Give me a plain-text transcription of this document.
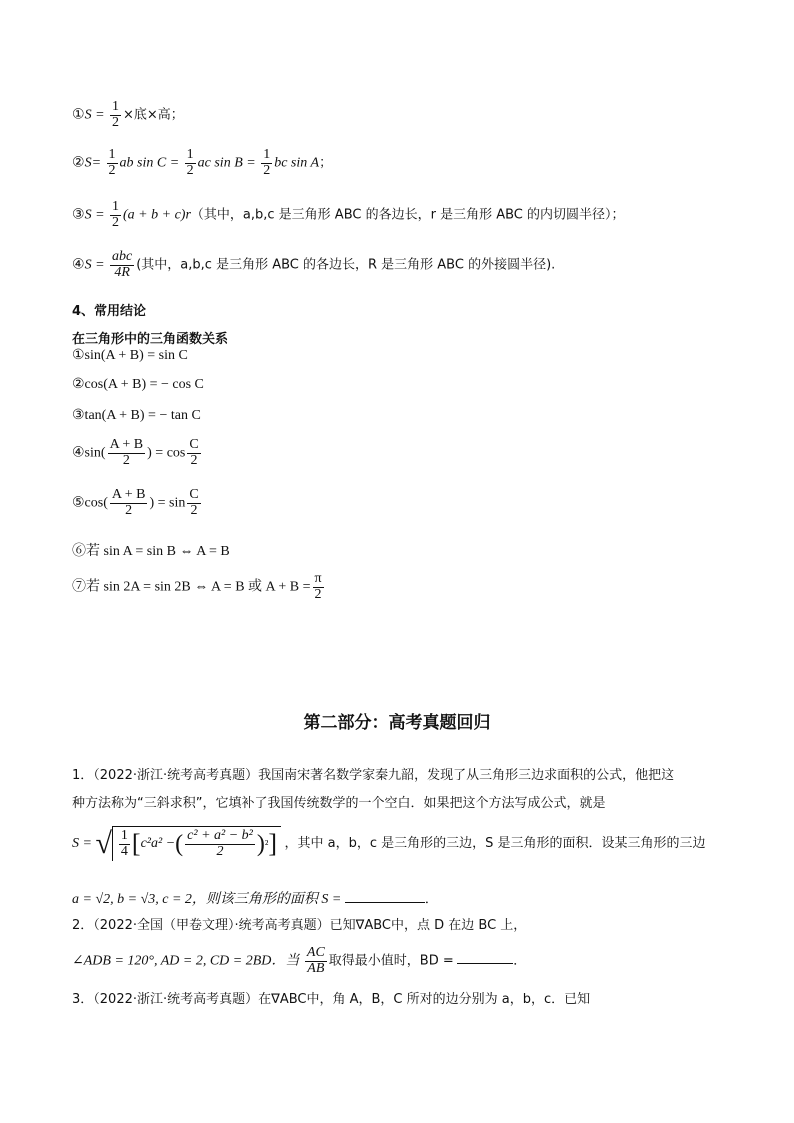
①S = $\frac{1}{2}$ ×底×高；
②S= $\frac{1}{2}$ ab $\sin C = \frac{1}{2}$ ac $\sin B = \frac{1}{2}$ bc sin A；
③S = $\frac{1}{2} (a + b + c)r$（其中，a,b,c 是三角形 ABC 的各边长，r 是三角形 ABC 的内切圆半径）；
④S = $\frac{\text{abc}}{4R}$ (其中，a,b,c 是三角形 ABC 的各边长，R 是三角形 ABC 的外接圆半径).
4、常用结论
在三角形中的三角函数关系
①sin(A + B) = sin C
②cos(A + B) = − cos C
③tan(A + B) = − tan C
④sin( $\frac{A + B}{2}$ ) = $\cos \frac{C}{2}$
⑤cos( $\frac{A + B}{2}$ ) = $\sin \frac{C}{2}$
⑥若 sin A = sin B ⇔ A = B
⑦若 sin 2A = sin 2B ⇔ A = B 或 $A + B = \frac{\pi}{2}$
第二部分：高考真题回归
1．（2022·浙江·统考高考真题）我国南宋著名数学家秦九韶，发现了从三角形三边求面积的公式，他把这
种方法称为“三斜求积”，它填补了我国传统数学的一个空白．如果把这个方法写成公式，就是
S = √ $\frac{1}{4}$ [ c²a² − ( $\frac{\text{c² + a² − b²}}{2}$ ) ² ] ，其中 a，b，c 是三角形的三边，S 是三角形的面积．设某三角形的三边
a = √2, b = √3, c = 2，则该三角形的面积 S =	．
2．（2022·全国（甲卷文理）·统考高考真题）已知∇ABC中，点 D 在边 BC 上，
∠ADB = 120°, AD = 2, CD = 2BD．当 $\frac{AC}{AB}$ 取得最小值时，BD =	．
3．（2022·浙江·统考高考真题）在∇ABC中，角 A，B，C 所对的边分别为 a，b，c．已知
